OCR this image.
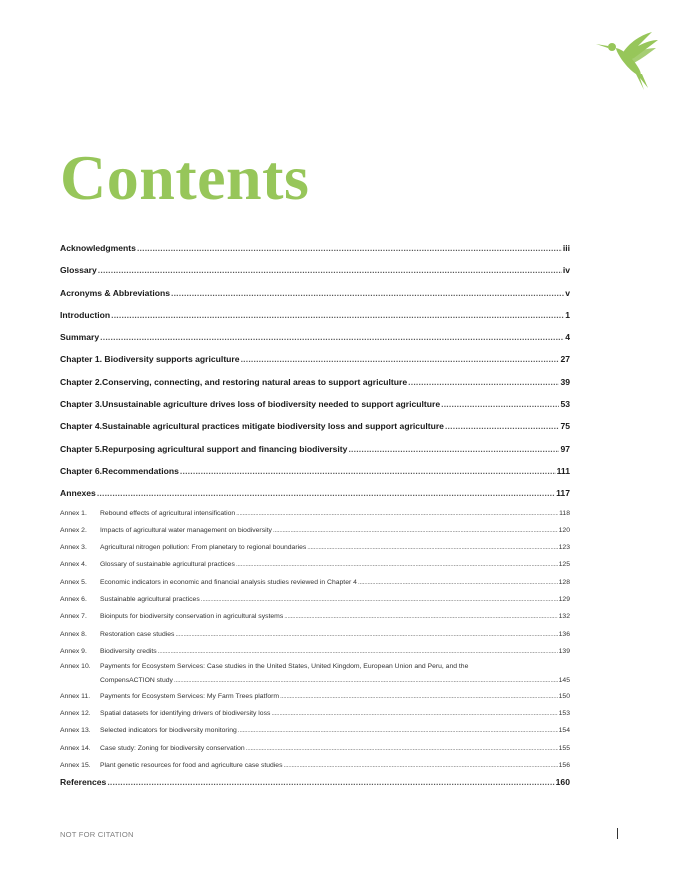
Contents
Acknowledgments .....	iii
Glossary .....	iv
Acronyms & Abbreviations .....	v
Introduction .....	1
Summary .....	4
Chapter 1. Biodiversity supports agriculture .....	27
Chapter 2.Conserving, connecting, and restoring natural areas to support agriculture .....	39
Chapter 3.Unsustainable agriculture drives loss of biodiversity needed to support agriculture .....	53
Chapter 4.Sustainable agricultural practices mitigate biodiversity loss and support agriculture .....	75
Chapter 5.Repurposing agricultural support and financing biodiversity .....	97
Chapter 6.Recommendations .....	111
Annexes .....	117
Annex 1.	Rebound effects of agricultural intensification .....	118
Annex 2.	Impacts of agricultural water management on biodiversity .....	120
Annex 3.	Agricultural nitrogen pollution: From planetary to regional boundaries .....	123
Annex 4.	Glossary of sustainable agricultural practices .....	125
Annex 5.	Economic indicators in economic and financial analysis studies reviewed in Chapter 4 .....	128
Annex 6.	Sustainable agricultural practices .....	129
Annex 7.	Bioinputs for biodiversity conservation in agricultural systems .....	132
Annex 8.	Restoration case studies .....	136
Annex 9.	Biodiversity credits .....	139
Annex 10.	Payments for Ecosystem Services: Case studies in the United States, United Kingdom, European Union and Peru, and the
CompensACTION study .....	145
Annex 11.	Payments for Ecosystem Services: My Farm Trees platform .....	150
Annex 12.	Spatial datasets for identifying drivers of biodiversity loss .....	153
Annex 13.	Selected indicators for biodiversity monitoring .....	154
Annex 14.	Case study: Zoning for biodiversity conservation .....	155
Annex 15.	Plant genetic resources for food and agriculture case studies .....	156
References .....	160
NOT FOR CITATION
